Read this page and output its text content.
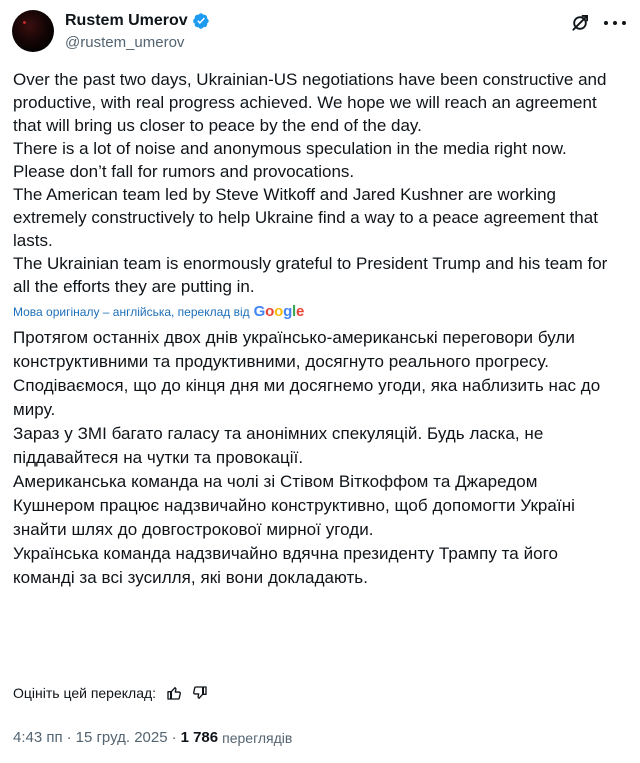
Rustem Umerov
@rustem_umerov

Over the past two days, Ukrainian-US negotiations have been constructive and productive, with real progress achieved. We hope we will reach an agreement that will bring us closer to peace by the end of the day.

There is a lot of noise and anonymous speculation in the media right now. Please don’t fall for rumors and provocations.

The American team led by Steve Witkoff and Jared Kushner are working extremely constructively to help Ukraine find a way to a peace agreement that lasts.

The Ukrainian team is enormously grateful to President Trump and his team for all the efforts they are putting in.

Мова оригіналу – англійська, переклад від Google

Протягом останніх двох днів українсько-американські переговори були конструктивними та продуктивними, досягнуто реального прогресу. Сподіваємося, що до кінця дня ми досягнемо угоди, яка наблизить нас до миру.

Зараз у ЗМІ багато галасу та анонімних спекуляцій. Будь ласка, не піддавайтеся на чутки та провокації.

Американська команда на чолі зі Стівом Віткоффом та Джаредом Кушнером працює надзвичайно конструктивно, щоб допомогти Україні знайти шлях до довгострокової мирної угоди.

Українська команда надзвичайно вдячна президенту Трампу та його команді за всі зусилля, які вони докладають.

Оцініть цей переклад:
4:43 пп · 15 груд. 2025 · 1 786 переглядів
